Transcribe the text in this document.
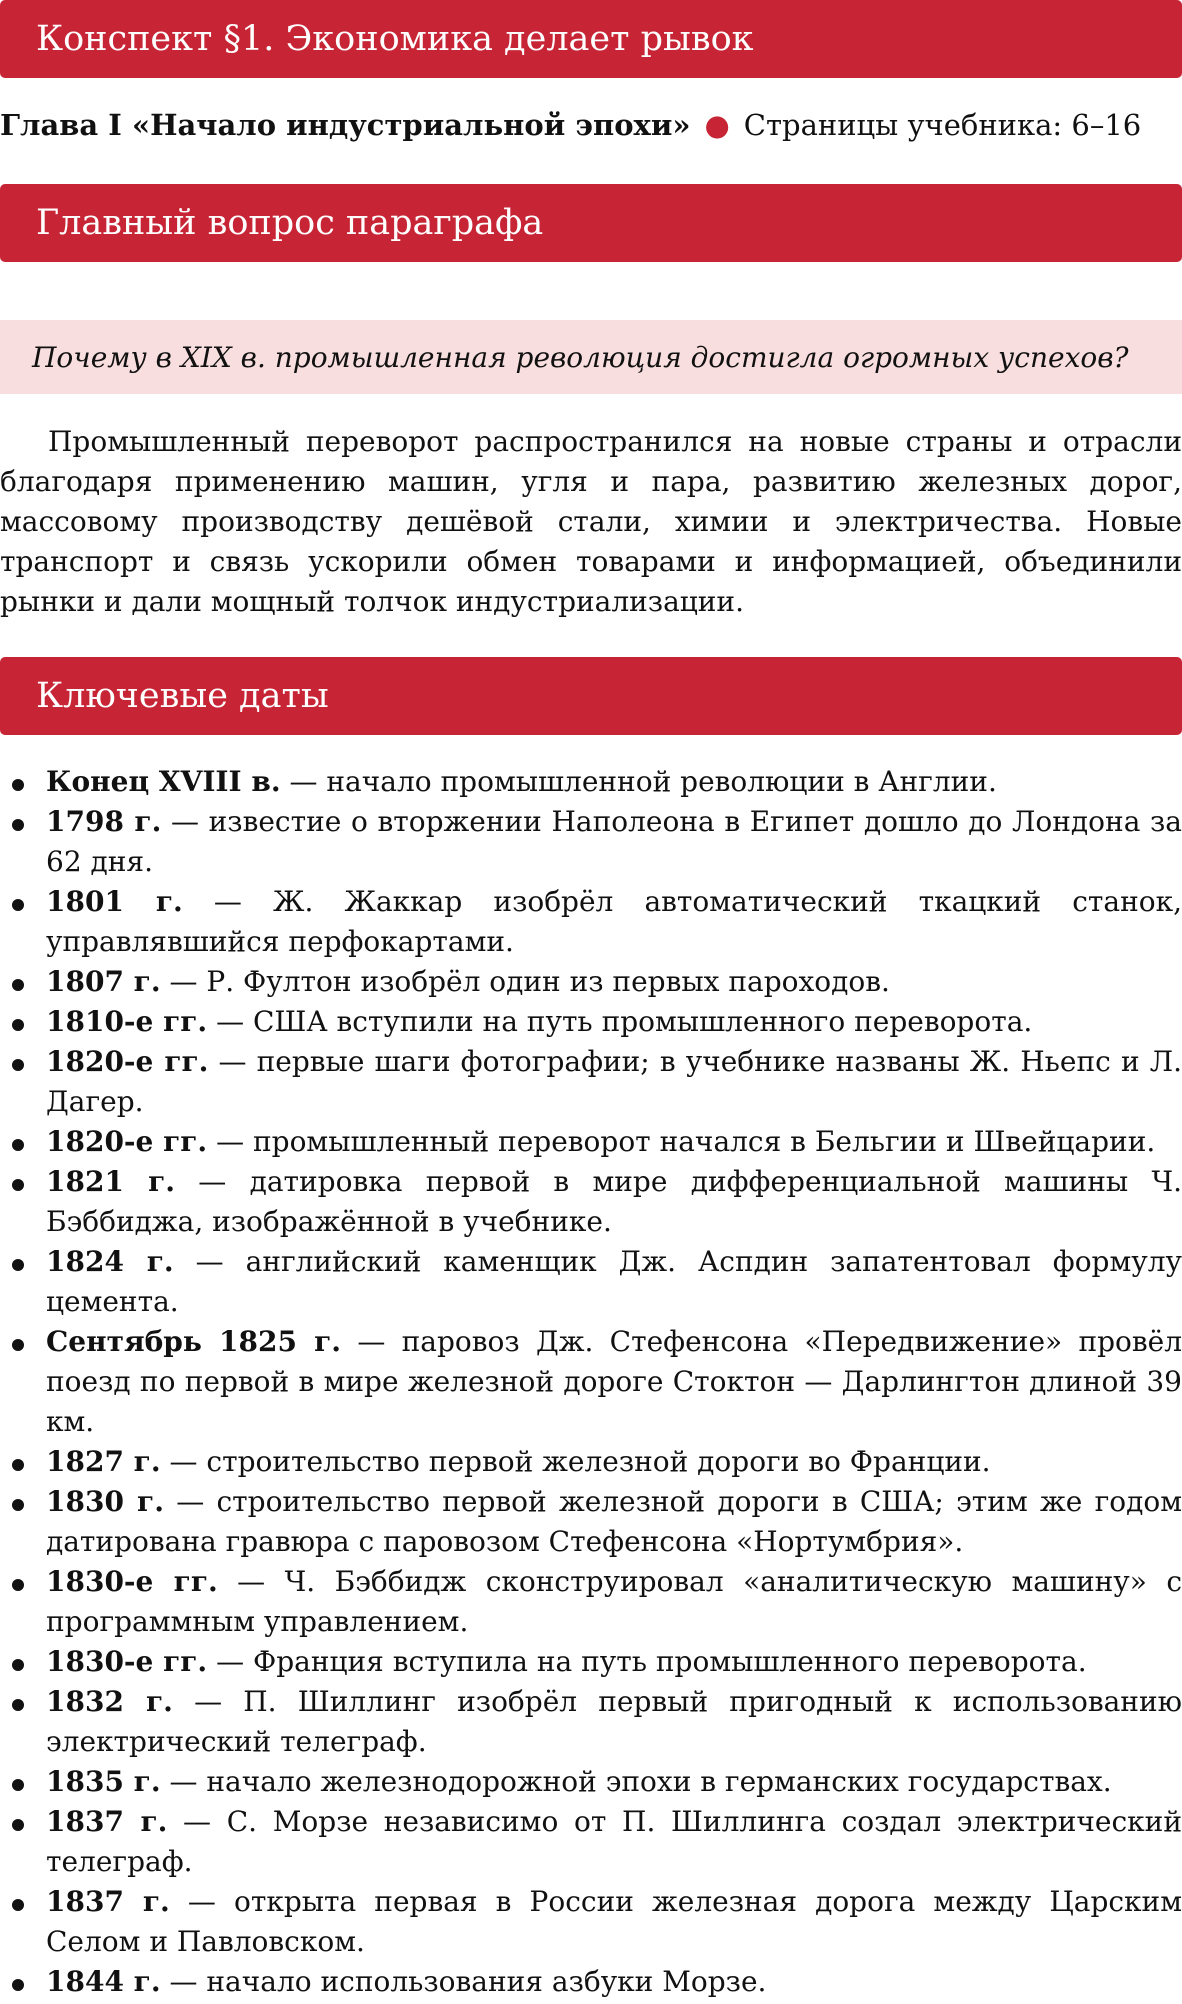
Конспект §1. Экономика делает рывок
Глава I «Начало индустриальной эпохи» ● Страницы учебника: 6–16
Главный вопрос параграфа
Почему в XIX в. промышленная революция достигла огромных успехов?

Промышленный переворот распространился на новые страны и отрасли благодаря применению машин, угля и пара, развитию железных дорог, массовому производству дешёвой стали, химии и электричества. Новые транспорт и связь ускорили обмен товарами и информацией, объединили рынки и дали мощный толчок индустриализации.

Ключевые даты
Конец XVIII в. — начало промышленной революции в Англии.
1798 г. — известие о вторжении Наполеона в Египет дошло до Лондона за 62 дня.
1801 г. — Ж. Жаккар изобрёл автоматический ткацкий станок, управлявшийся перфокартами.
1807 г. — Р. Фултон изобрёл один из первых пароходов.
1810-е гг. — США вступили на путь промышленного переворота.
1820-е гг. — первые шаги фотографии; в учебнике названы Ж. Ньепс и Л. Дагер.
1820-е гг. — промышленный переворот начался в Бельгии и Швейцарии.
1821 г. — датировка первой в мире дифференциальной машины Ч. Бэббиджа, изображённой в учебнике.
1824 г. — английский каменщик Дж. Аспдин запатентовал формулу цемента.
Сентябрь 1825 г. — паровоз Дж. Стефенсона «Передвижение» провёл поезд по первой в мире железной дороге Стоктон — Дарлингтон длиной 39 км.
1827 г. — строительство первой железной дороги во Франции.
1830 г. — строительство первой железной дороги в США; этим же годом датирована гравюра с паровозом Стефенсона «Нортумбрия».
1830-е гг. — Ч. Бэббидж сконструировал «аналитическую машину» с программным управлением.
1830-е гг. — Франция вступила на путь промышленного переворота.
1832 г. — П. Шиллинг изобрёл первый пригодный к использованию электрический телеграф.
1835 г. — начало железнодорожной эпохи в германских государствах.
1837 г. — С. Морзе независимо от П. Шиллинга создал электрический телеграф.
1837 г. — открыта первая в России железная дорога между Царским Селом и Павловском.
1844 г. — начало использования азбуки Морзе.
